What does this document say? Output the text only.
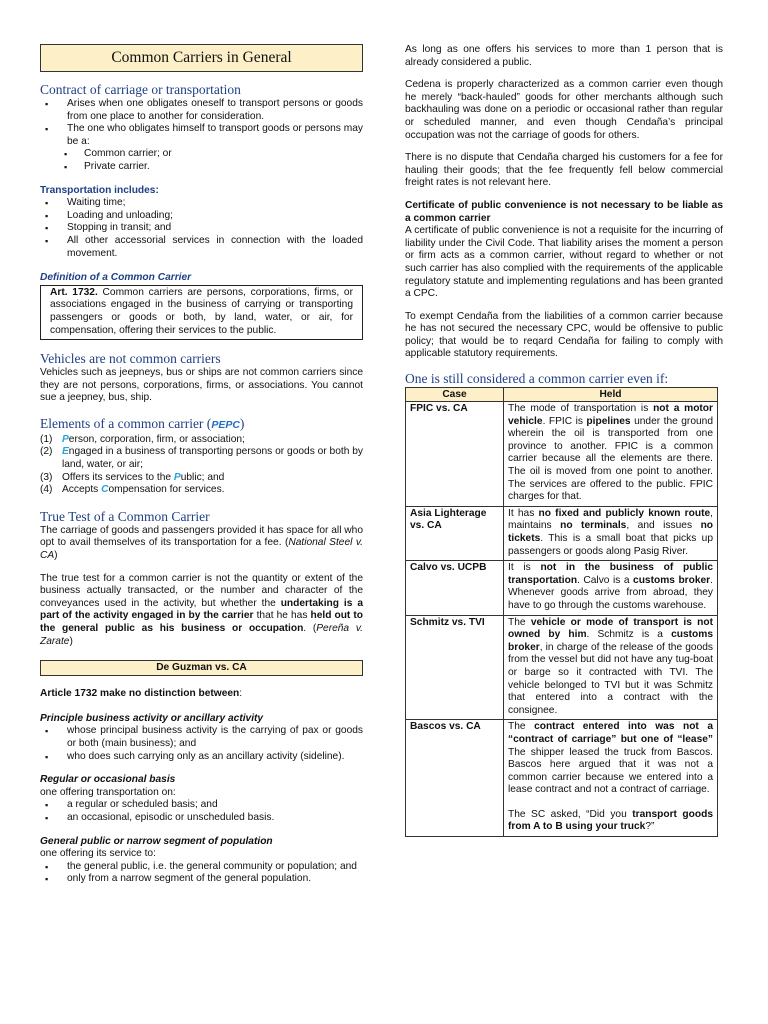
Common Carriers in General
Contract of carriage or transportation
▪ Arises when one obligates oneself to transport persons or goods from one place to another for consideration.
▪ The one who obligates himself to transport goods or persons may be a:
▪ Common carrier; or
▪ Private carrier.
Transportation includes:
▪ Waiting time;
▪ Loading and unloading;
▪ Stopping in transit; and
▪ All other accessorial services in connection with the loaded movement.
Definition of a Common Carrier
Art. 1732. Common carriers are persons, corporations, firms, or associations engaged in the business of carrying or transporting passengers or goods or both, by land, water, or air, for compensation, offering their services to the public.
Vehicles are not common carriers

Vehicles such as jeepneys, bus or ships are not common carriers since they are not persons, corporations, firms, or associations. You cannot sue a jeepney, bus, ship.

Elements of a common carrier (PEPC)
(1) Person, corporation, firm, or association;
(2) Engaged in a business of transporting persons or goods or both by land, water, or air;
(3) Offers its services to the Public; and
(4) Accepts Compensation for services.
True Test of a Common Carrier

The carriage of goods and passengers provided it has space for all who opt to avail themselves of its transportation for a fee. (National Steel v. CA)

The true test for a common carrier is not the quantity or extent of the business actually transacted, or the number and character of the conveyances used in the activity, but whether the undertaking is a part of the activity engaged in by the carrier that he has held out to the general public as his business or occupation. (Pereña v. Zarate)

De Guzman vs. CA

Article 1732 make no distinction between:

Principle business activity or ancillary activity
▪ whose principal business activity is the carrying of pax or goods or both (main business); and
▪ who does such carrying only as an ancillary activity (sideline).
Regular or occasional basis

one offering transportation on:

▪ a regular or scheduled basis; and
▪ an occasional, episodic or unscheduled basis.
General public or narrow segment of population

one offering its service to:

▪ the general public, i.e. the general community or population; and
▪ only from a narrow segment of the general population.

As long as one offers his services to more than 1 person that is already considered a public.

Cedena is properly characterized as a common carrier even though he merely “back-hauled” goods for other merchants although such backhauling was done on a periodic or occasional rather than regular or scheduled manner, and even though Cendaña’s principal occupation was not the carriage of goods for others.

There is no dispute that Cendaña charged his customers for a fee for hauling their goods; that the fee frequently fell below commercial freight rates is not relevant here.

Certificate of public convenience is not necessary to be liable as a common carrier

A certificate of public convenience is not a requisite for the incurring of liability under the Civil Code. That liability arises the moment a person or firm acts as a common carrier, without regard to whether or not such carrier has also complied with the requirements of the applicable regulatory statute and implementing regulations and has been granted a CPC.

To exempt Cendaña from the liabilities of a common carrier because he has not secured the necessary CPC, would be offensive to public policy; that would be to reqard Cendaña for failing to comply with applicable statutory requirements.

One is still considered a common carrier even if:
Case	Held
FPIC vs. CA	The mode of transportation is not a motor vehicle. FPIC is pipelines under the ground wherein the oil is transported from one province to another. FPIC is a common carrier because all the elements are there. The oil is moved from one point to another. The services are offered to the public. FPIC charges for that.
Asia Lighterage vs. CA	It has no fixed and publicly known route, maintains no terminals, and issues no tickets. This is a small boat that picks up passengers or goods along Pasig River.
Calvo vs. UCPB	It is not in the business of public transportation. Calvo is a customs broker. Whenever goods arrive from abroad, they have to go through the customs warehouse.
Schmitz vs. TVI	The vehicle or mode of transport is not owned by him. Schmitz is a customs broker, in charge of the release of the goods from the vessel but did not have any tug-boat or barge so it contracted with TVI. The vehicle belonged to TVI but it was Schmitz that entered into a contract with the consignee.
Bascos vs. CA	The contract entered into was not a “contract of carriage” but one of “lease” The shipper leased the truck from Bascos. Bascos here argued that it was not a common carrier because we entered into a lease contract and not a contract of carriage.
The SC asked, “Did you transport goods from A to B using your truck?”
